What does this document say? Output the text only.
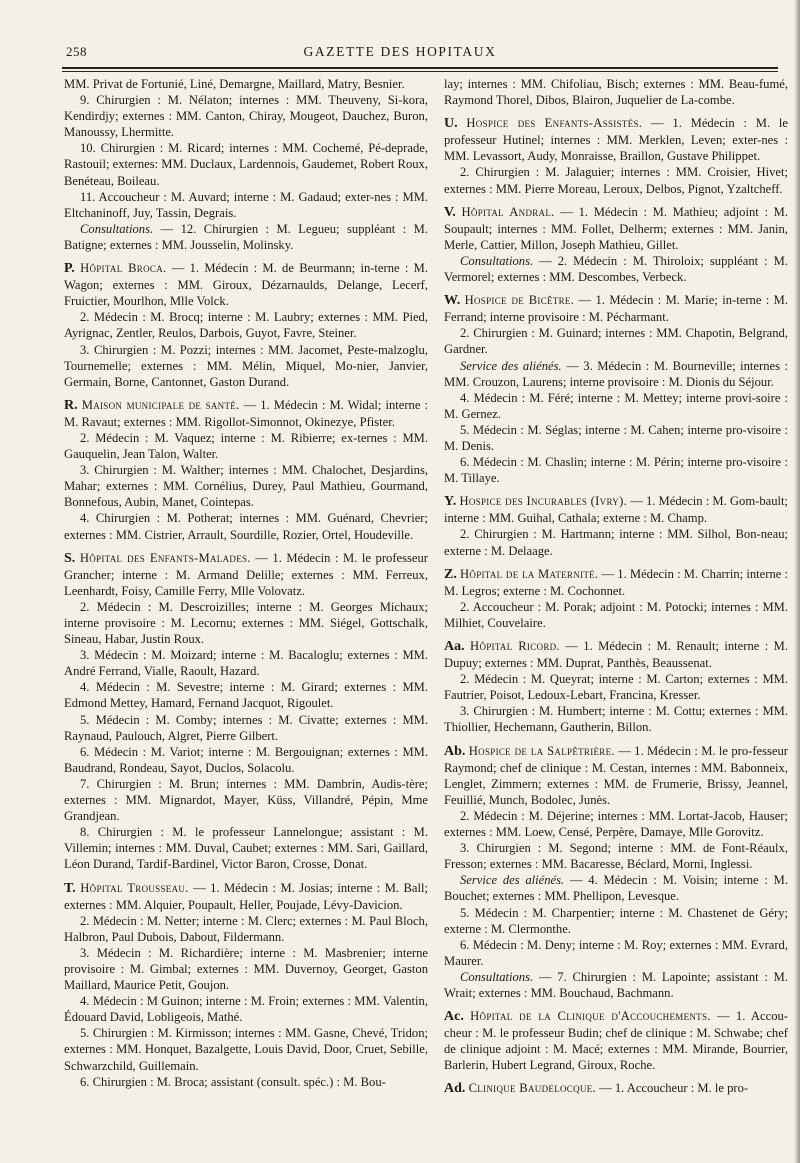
258	GAZETTE DES HOPITAUX

MM. Privat de Fortunié, Liné, Demargne, Maillard, Matry, Besnier.

9. Chirurgien : M. Nélaton; internes : MM. Theuveny, Si-kora, Kendirdjy; externes : MM. Canton, Chiray, Mougeot, Dauchez, Buron, Manoussy, Lhermitte.

10. Chirurgien : M. Ricard; internes : MM. Cochemé, Pé-deprade, Rastouil; externes: MM. Duclaux, Lardennois, Gaudemet, Robert Roux, Benéteau, Boileau.

11. Accoucheur : M. Auvard; interne : M. Gadaud; exter-nes : MM. Eltchaninoff, Juy, Tassin, Degrais.

Consultations. — 12. Chirurgien : M. Legueu; suppléant : M. Batigne; externes : MM. Jousselin, Molinsky.

P. Hôpital Broca. — 1. Médecin : M. de Beurmann; in-terne : M. Wagon; externes : MM. Giroux, Dézarnaulds, Delange, Lecerf, Fruictier, Mourlhon, Mlle Volck.

2. Médecin : M. Brocq; interne : M. Laubry; externes : MM. Pied, Ayrignac, Zentler, Reulos, Darbois, Guyot, Favre, Steiner.

3. Chirurgien : M. Pozzi; internes : MM. Jacomet, Peste-malzoglu, Tournemelle; externes : MM. Mélin, Miquel, Mo-nier, Janvier, Germain, Borne, Cantonnet, Gaston Durand.

R. Maison municipale de santé. — 1. Médecin : M. Widal; interne : M. Ravaut; externes : MM. Rigollot-Simonnot, Okinezye, Pfister.

2. Médecin : M. Vaquez; interne : M. Ribierre; ex-ternes : MM. Gauquelin, Jean Talon, Walter.

3. Chirurgien : M. Walther; internes : MM. Chalochet, Desjardins, Mahar; externes : MM. Cornélius, Durey, Paul Mathieu, Gourmand, Bonnefous, Aubin, Manet, Cointepas.

4. Chirurgien : M. Potherat; internes : MM. Guénard, Chevrier; externes : MM. Cistrier, Arrault, Sourdille, Rozier, Ortel, Houdeville.

S. Hôpital des Enfants-Malades. — 1. Médecin : M. le professeur Grancher; interne : M. Armand Delille; externes : MM. Ferreux, Leenhardt, Foisy, Camille Ferry, Mlle Volovatz.

2. Médecin : M. Descroizilles; interne : M. Georges Michaux; interne provisoire : M. Lecornu; externes : MM. Siégel, Gottschalk, Sineau, Habar, Justin Roux.

3. Médecin : M. Moizard; interne : M. Bacaloglu; externes : MM. André Ferrand, Vialle, Raoult, Hazard.

4. Médecin : M. Sevestre; interne : M. Girard; externes : MM. Edmond Mettey, Hamard, Fernand Jacquot, Rigoulet.

5. Médecin : M. Comby; internes : M. Civatte; externes : MM. Raynaud, Paulouch, Algret, Pierre Gilbert.

6. Médecin : M. Variot; interne : M. Bergouignan; externes : MM. Baudrand, Rondeau, Sayot, Duclos, Solacolu.

7. Chirurgien : M. Brun; internes : MM. Dambrin, Audis-tère; externes : MM. Mignardot, Mayer, Küss, Villandré, Pépin, Mme Grandjean.

8. Chirurgien : M. le professeur Lannelongue; assistant : M. Villemin; internes : MM. Duval, Caubet; externes : MM. Sari, Gaillard, Léon Durand, Tardif-Bardinel, Victor Baron, Crosse, Donat.

T. Hôpital Trousseau. — 1. Médecin : M. Josias; interne : M. Ball; externes : MM. Alquier, Poupault, Heller, Poujade, Lévy-Davicion.

2. Médecin : M. Netter; interne : M. Clerc; externes : M. Paul Bloch, Halbron, Paul Dubois, Dabout, Fildermann.

3. Médecin : M. Richardière; interne : M. Masbrenier; interne provisoire : M. Gimbal; externes : MM. Duvernoy, Georget, Gaston Maillard, Maurice Petit, Goujon.

4. Médecin : M Guinon; interne : M. Froin; externes : MM. Valentin, Édouard David, Lobligeois, Mathé.

5. Chirurgien : M. Kirmisson; internes : MM. Gasne, Chevé, Tridon; externes : MM. Honquet, Bazalgette, Louis David, Door, Cruet, Sebille, Schwarzchild, Guillemain.

6. Chirurgien : M. Broca; assistant (consult. spéc.) : M. Bou-

lay; internes : MM. Chifoliau, Bisch; externes : MM. Beau-fumé, Raymond Thorel, Dibos, Blairon, Juquelier de La-combe.

U. Hospice des Enfants-Assistés. — 1. Médecin : M. le professeur Hutinel; internes : MM. Merklen, Leven; exter-nes : MM. Levassort, Audy, Monraisse, Braillon, Gustave Philippet.

2. Chirurgien : M. Jalaguier; internes : MM. Croisier, Hivet; externes : MM. Pierre Moreau, Leroux, Delbos, Pignot, Yzaltcheff.

V. Hôpital Andral. — 1. Médecin : M. Mathieu; adjoint : M. Soupault; internes : MM. Follet, Delherm; externes : MM. Janin, Merle, Cattier, Millon, Joseph Mathieu, Gillet.

Consultations. — 2. Médecin : M. Thiroloix; suppléant : M. Vermorel; externes : MM. Descombes, Verbeck.

W. Hospice de Bicêtre. — 1. Médecin : M. Marie; in-terne : M. Ferrand; interne provisoire : M. Pécharmant.

2. Chirurgien : M. Guinard; internes : MM. Chapotin, Belgrand, Gardner.

Service des aliénés. — 3. Médecin : M. Bourneville; internes : MM. Crouzon, Laurens; interne provisoire : M. Dionis du Séjour.

4. Médecin : M. Féré; interne : M. Mettey; interne provi-soire : M. Gernez.

5. Médecin : M. Séglas; interne : M. Cahen; interne pro-visoire : M. Denis.

6. Médecin : M. Chaslin; interne : M. Périn; interne pro-visoire : M. Tillaye.

Y. Hospice des Incurables (Ivry). — 1. Médecin : M. Gom-bault; interne : MM. Guihal, Cathala; externe : M. Champ.

2. Chirurgien : M. Hartmann; interne : MM. Silhol, Bon-neau; externe : M. Delaage.

Z. Hôpital de la Maternité. — 1. Médecin : M. Charrin; interne : M. Legros; externe : M. Cochonnet.

2. Accoucheur : M. Porak; adjoint : M. Potocki; internes : MM. Milhiet, Couvelaire.

Aa. Hôpital Ricord. — 1. Médecin : M. Renault; interne : M. Dupuy; externes : MM. Duprat, Panthès, Beaussenat.

2. Médecin : M. Queyrat; interne : M. Carton; externes : MM. Fautrier, Poisot, Ledoux-Lebart, Francina, Kresser.

3. Chirurgien : M. Humbert; interne : M. Cottu; externes : MM. Thiollier, Hechemann, Gautherin, Billon.

Ab. Hospice de la Salpêtrière. — 1. Médecin : M. le pro-fesseur Raymond; chef de clinique : M. Cestan, internes : MM. Babonneix, Lenglet, Zimmern; externes : MM. de Frumerie, Brissy, Jeannel, Feuillié, Munch, Bodolec, Junès.

2. Médecin : M. Déjerine; internes : MM. Lortat-Jacob, Hauser; externes : MM. Loew, Censé, Perpère, Damaye, Mlle Gorovitz.

3. Chirurgien : M. Segond; interne : MM. de Font-Réaulx, Fresson; externes : MM. Bacaresse, Béclard, Morni, Inglessi.

Service des aliénés. — 4. Médecin : M. Voisin; interne : M. Bouchet; externes : MM. Phellipon, Levesque.

5. Médecin : M. Charpentier; interne : M. Chastenet de Géry; externe : M. Clermonthe.

6. Médecin : M. Deny; interne : M. Roy; externes : MM. Evrard, Maurer.

Consultations. — 7. Chirurgien : M. Lapointe; assistant : M. Wrait; externes : MM. Bouchaud, Bachmann.

Ac. Hôpital de la Clinique d'Accouchements. — 1. Accou-cheur : M. le professeur Budin; chef de clinique : M. Schwabe; chef de clinique adjoint : M. Macé; externes : MM. Mirande, Bourrier, Barlerin, Hubert Legrand, Giroux, Roche.

Ad. Clinique Baudelocque. — 1. Accoucheur : M. le pro-
